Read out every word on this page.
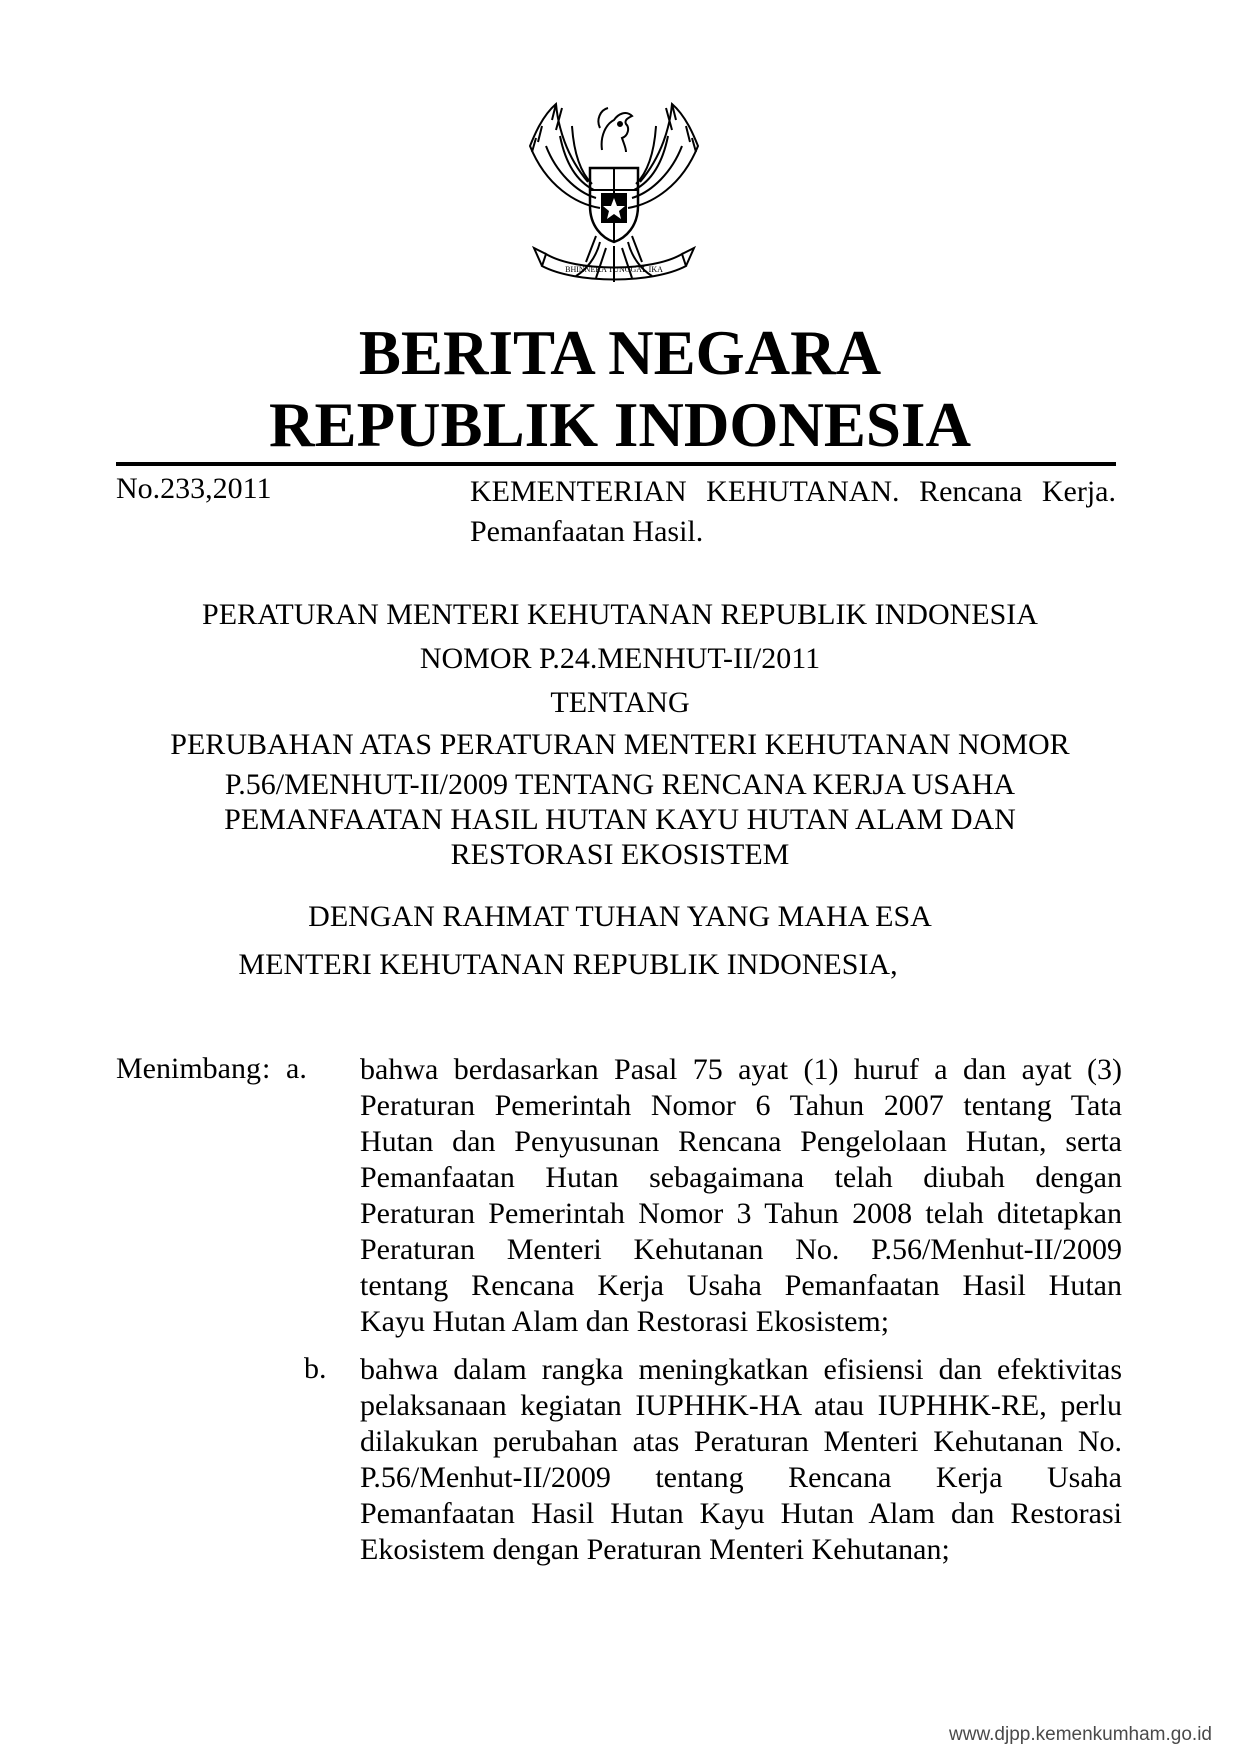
BHINNEKA TUNGGAL IKA
BERITA NEGARA
REPUBLIK INDONESIA
No.233,2011	KEMENTERIAN KEHUTANAN. Rencana Kerja.
Pemanfaatan Hasil.
PERATURAN MENTERI KEHUTANAN REPUBLIK INDONESIA
NOMOR P.24.MENHUT-II/2011
TENTANG
PERUBAHAN ATAS PERATURAN MENTERI KEHUTANAN NOMOR
P.56/MENHUT-II/2009 TENTANG RENCANA KERJA USAHA
PEMANFAATAN HASIL HUTAN KAYU HUTAN ALAM DAN
RESTORASI EKOSISTEM
DENGAN RAHMAT TUHAN YANG MAHA ESA
MENTERI KEHUTANAN REPUBLIK INDONESIA,
Menimbang : a. bahwa berdasarkan Pasal 75 ayat (1) huruf a dan ayat (3)
Peraturan Pemerintah Nomor 6 Tahun 2007 tentang Tata
Hutan dan Penyusunan Rencana Pengelolaan Hutan, serta
Pemanfaatan Hutan sebagaimana telah diubah dengan
Peraturan Pemerintah Nomor 3 Tahun 2008 telah ditetapkan
Peraturan Menteri Kehutanan No. P.56/Menhut-II/2009
tentang Rencana Kerja Usaha Pemanfaatan Hasil Hutan
Kayu Hutan Alam dan Restorasi Ekosistem;
b. bahwa dalam rangka meningkatkan efisiensi dan efektivitas
pelaksanaan kegiatan IUPHHK-HA atau IUPHHK-RE, perlu
dilakukan perubahan atas Peraturan Menteri Kehutanan No.
P.56/Menhut-II/2009 tentang Rencana Kerja Usaha
Pemanfaatan Hasil Hutan Kayu Hutan Alam dan Restorasi
Ekosistem dengan Peraturan Menteri Kehutanan;
www.djpp.kemenkumham.go.id
